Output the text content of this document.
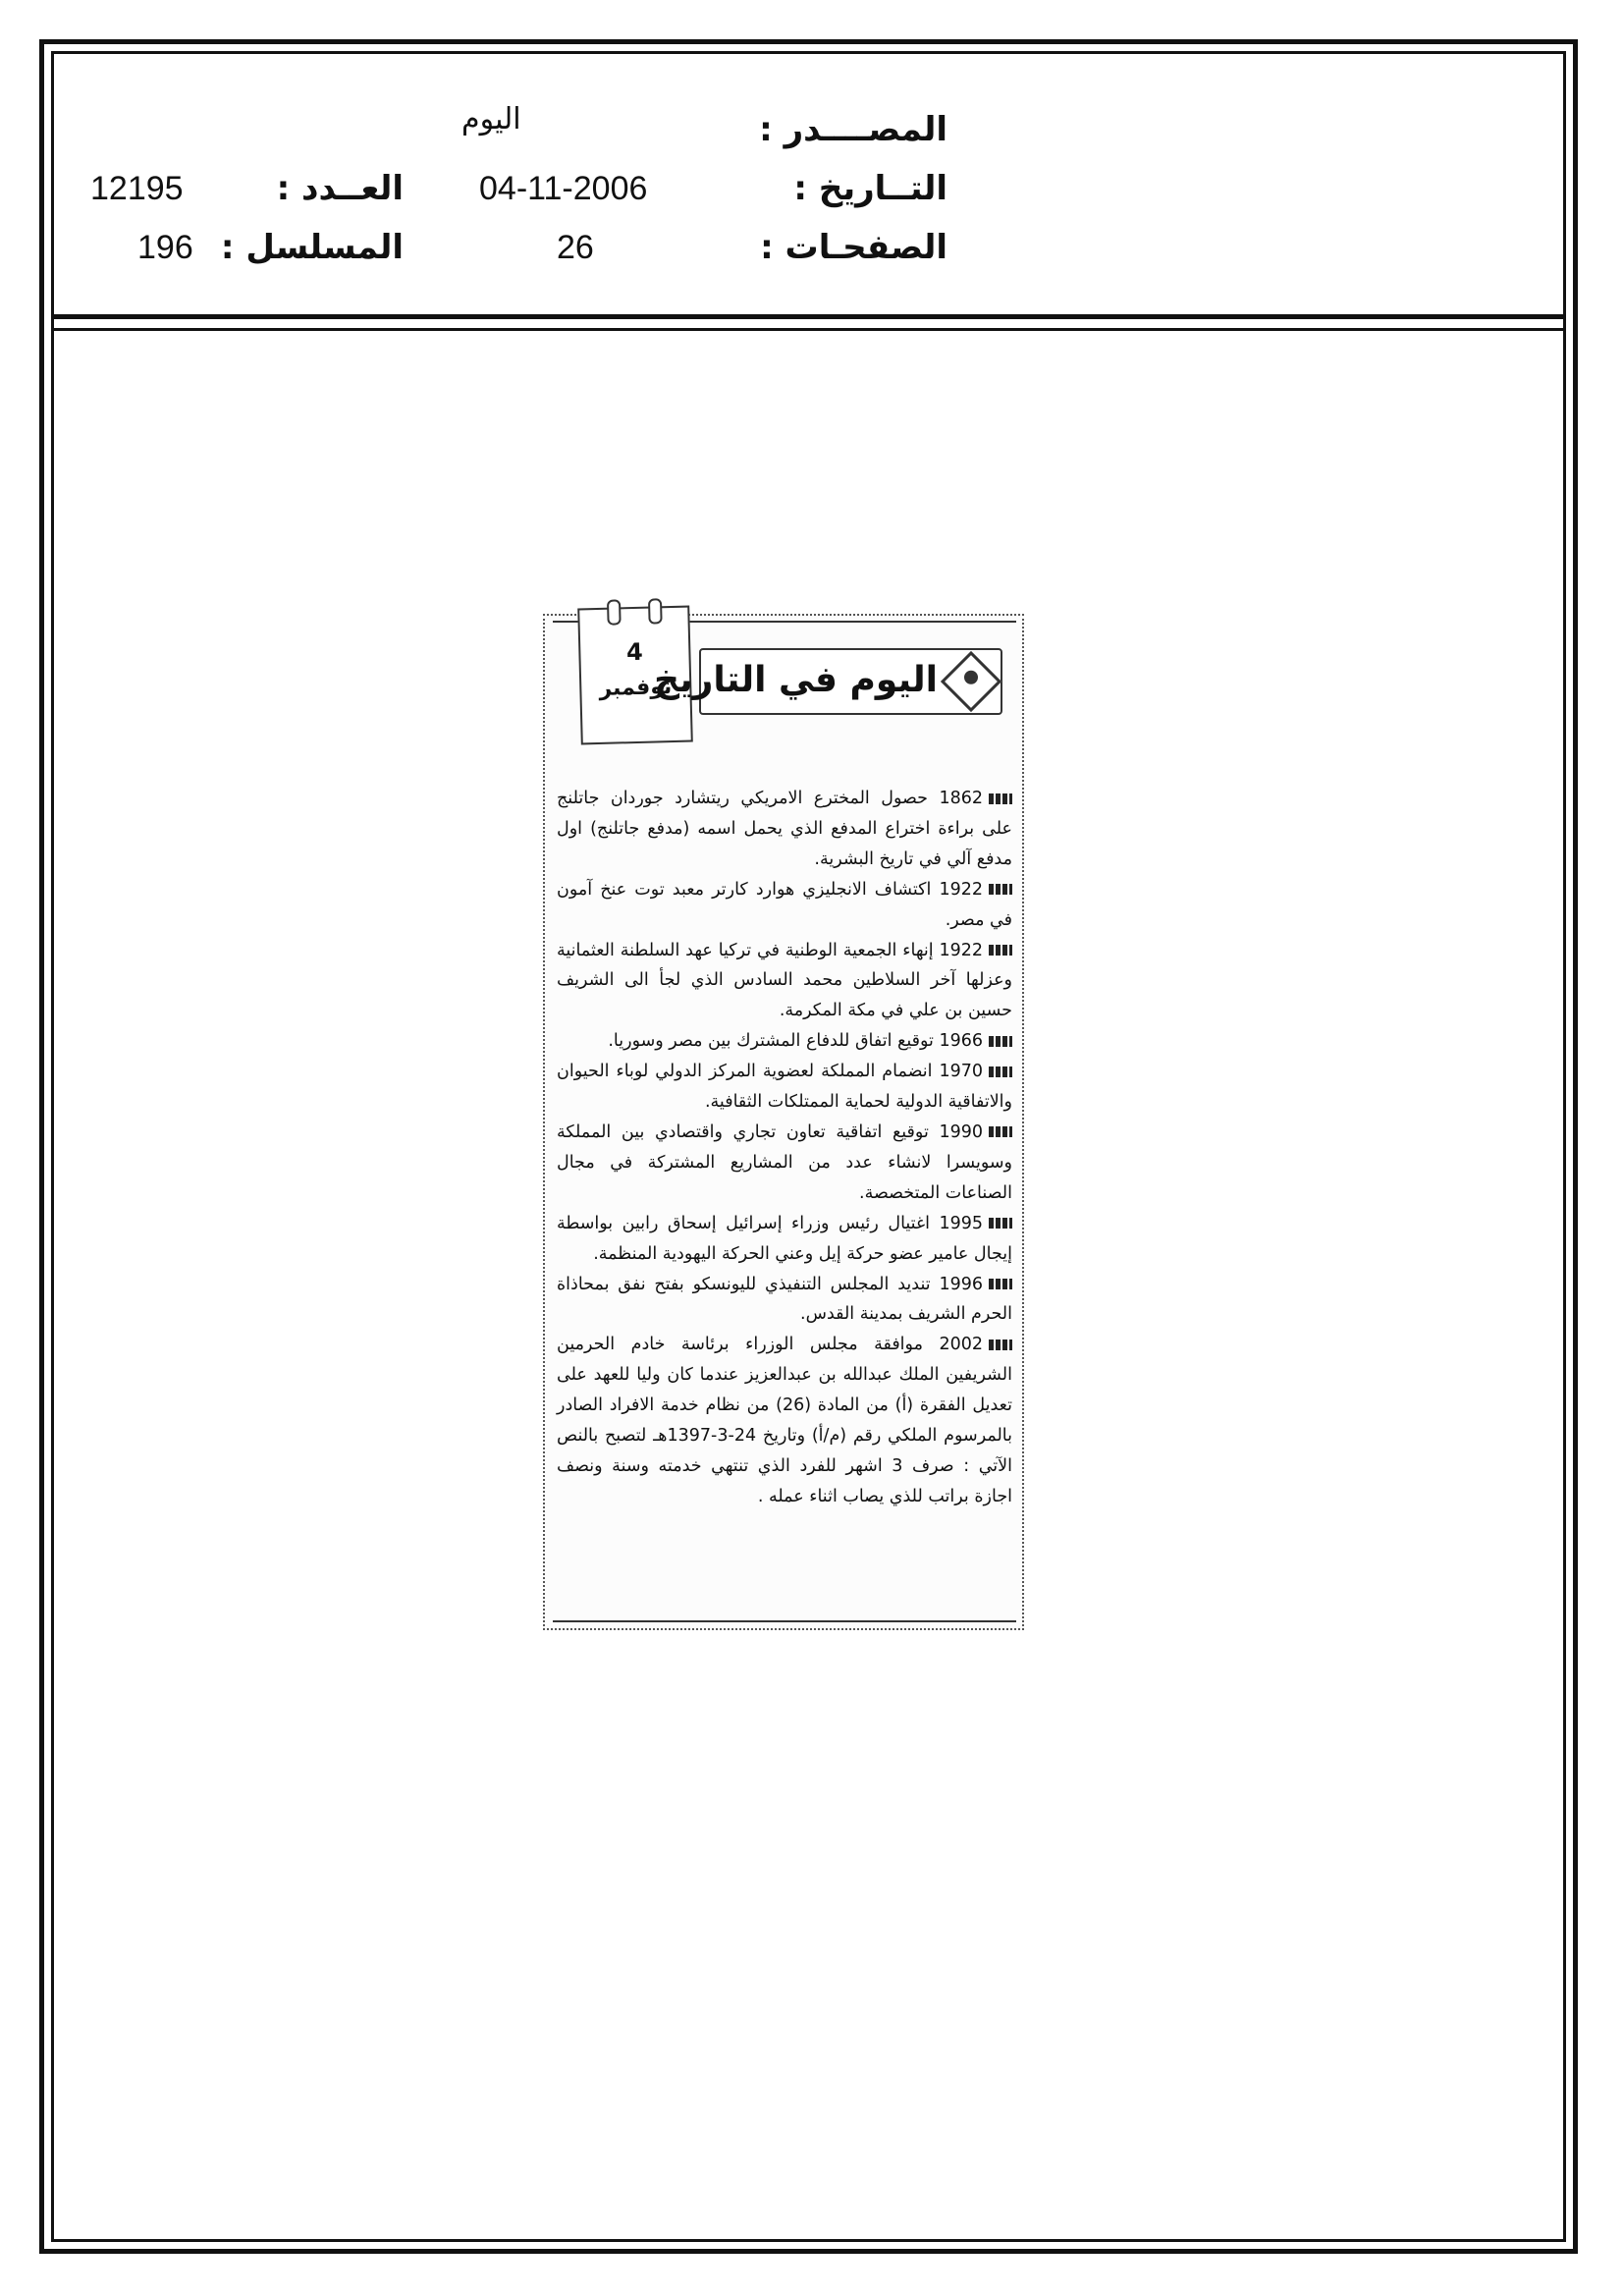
المصــــدر :
التــاريخ :
الصفحـات :
اليوم
04-11-2006
26
العــدد :
المسلسل :
12195
196
4
نوفمبر
اليوم في التاريخ

1862 حصول المخترع الامريكي ريتشارد جوردان جاتلنج على براءة اختراع المدفع الذي يحمل اسمه (مدفع جاتلنج) اول مدفع آلي في تاريخ البشرية.

1922 اكتشاف الانجليزي هوارد كارتر معبد توت عنخ آمون في مصر.

1922 إنهاء الجمعية الوطنية في تركيا عهد السلطنة العثمانية وعزلها آخر السلاطين محمد السادس الذي لجأ الى الشريف حسين بن علي في مكة المكرمة.

1966 توقيع اتفاق للدفاع المشترك بين مصر وسوريا.

1970 انضمام المملكة لعضوية المركز الدولي لوباء الحيوان والاتفاقية الدولية لحماية الممتلكات الثقافية.

1990 توقيع اتفاقية تعاون تجاري واقتصادي بين المملكة وسويسرا لانشاء عدد من المشاريع المشتركة في مجال الصناعات المتخصصة.

1995 اغتيال رئيس وزراء إسرائيل إسحاق رابين بواسطة إيجال عامير عضو حركة إيل وعني الحركة اليهودية المنظمة.

1996 تنديد المجلس التنفيذي لليونسكو بفتح نفق بمحاذاة الحرم الشريف بمدينة القدس.

2002 موافقة مجلس الوزراء برئاسة خادم الحرمين الشريفين الملك عبدالله بن عبدالعزيز عندما كان وليا للعهد على تعديل الفقرة (أ) من المادة (26) من نظام خدمة الافراد الصادر بالمرسوم الملكي رقم (م/أ) وتاريخ 24-3-1397هـ لتصبح بالنص الآتي : صرف 3 اشهر للفرد الذي تنتهي خدمته وسنة ونصف اجازة براتب للذي يصاب اثناء عمله .
